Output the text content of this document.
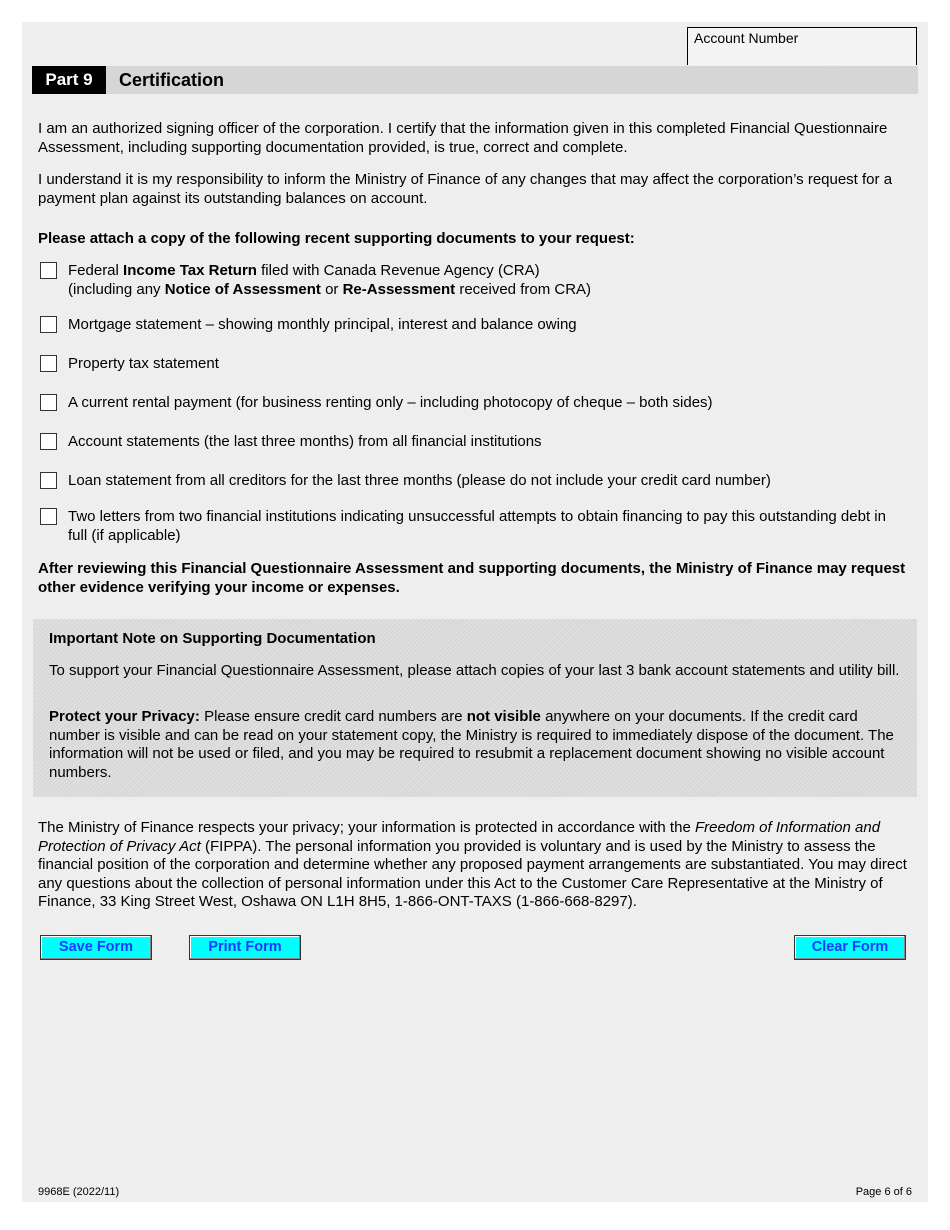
Account Number
Part 9	Certification
I am an authorized signing officer of the corporation. I certify that the information given in this completed Financial Questionnaire Assessment, including supporting documentation provided, is true, correct and complete.
I understand it is my responsibility to inform the Ministry of Finance of any changes that may affect the corporation’s request for a payment plan against its outstanding balances on account.
Please attach a copy of the following recent supporting documents to your request:
Federal Income Tax Return filed with Canada Revenue Agency (CRA)
(including any Notice of Assessment or Re-Assessment received from CRA)
Mortgage statement – showing monthly principal, interest and balance owing
Property tax statement
A current rental payment (for business renting only – including photocopy of cheque – both sides)
Account statements (the last three months) from all financial institutions
Loan statement from all creditors for the last three months (please do not include your credit card number)
Two letters from two financial institutions indicating unsuccessful attempts to obtain financing to pay this outstanding debt in full (if applicable)
After reviewing this Financial Questionnaire Assessment and supporting documents, the Ministry of Finance may request other evidence verifying your income or expenses.
Important Note on Supporting Documentation
To support your Financial Questionnaire Assessment, please attach copies of your last 3 bank account statements and utility bill.
Protect your Privacy: Please ensure credit card numbers are not visible anywhere on your documents. If the credit card number is visible and can be read on your statement copy, the Ministry is required to immediately dispose of the document. The information will not be used or filed, and you may be required to resubmit a replacement document showing no visible account numbers.
The Ministry of Finance respects your privacy; your information is protected in accordance with the Freedom of Information and Protection of Privacy Act (FIPPA). The personal information you provided is voluntary and is used by the Ministry to assess the financial position of the corporation and determine whether any proposed payment arrangements are substantiated. You may direct any questions about the collection of personal information under this Act to the Customer Care Representative at the Ministry of Finance, 33 King Street West, Oshawa ON L1H 8H5, 1-866-ONT-TAXS (1-866-668-8297).
Save Form	Print Form	Clear Form
9968E (2022/11)	Page 6 of 6
